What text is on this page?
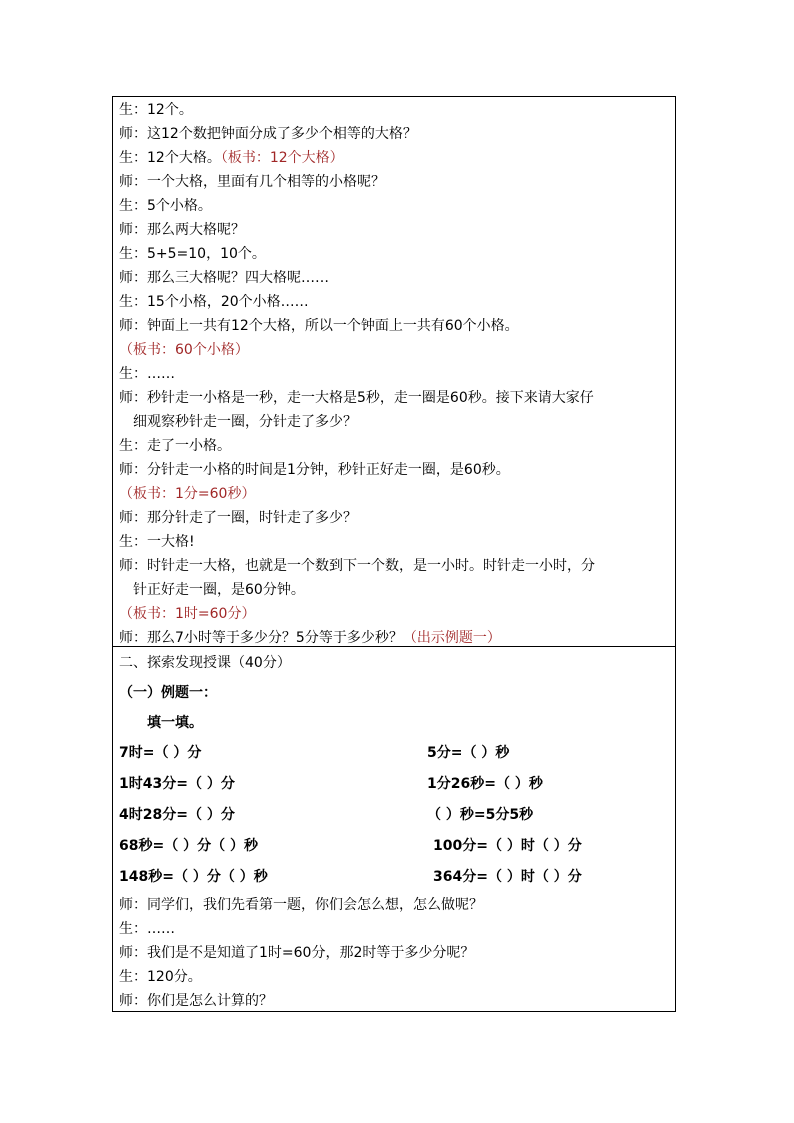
生：12个。
师：这12个数把钟面分成了多少个相等的大格？
生：12个大格。（板书：12个大格）
师：一个大格，里面有几个相等的小格呢？
生：5个小格。
师：那么两大格呢？
生：5+5=10，10个。
师：那么三大格呢？四大格呢……
生：15个小格，20个小格……
师：钟面上一共有12个大格，所以一个钟面上一共有60个小格。
（板书：60个小格）
生：……
师：秒针走一小格是一秒，走一大格是5秒，走一圈是60秒。接下来请大家仔
细观察秒针走一圈，分针走了多少？
生：走了一小格。
师：分针走一小格的时间是1分钟，秒针正好走一圈，是60秒。
（板书：1分=60秒）
师：那分针走了一圈，时针走了多少？
生：一大格!
师：时针走一大格，也就是一个数到下一个数，是一小时。时针走一小时，分
针正好走一圈，是60分钟。
（板书：1时=60分）
师：那么7小时等于多少分？5分等于多少秒？（出示例题一）
二、探索发现授课（40分）
（一）例题一：
填一填。
7时=（ ）分	5分=（ ）秒
1时43分=（ ）分	1分26秒=（ ）秒
4时28分=（ ）分	（ ）秒=5分5秒
68秒=（ ）分（ ）秒	100分=（ ）时（ ）分
148秒=（ ）分（ ）秒	364分=（ ）时（ ）分
师：同学们，我们先看第一题，你们会怎么想，怎么做呢？
生：……
师：我们是不是知道了1时=60分，那2时等于多少分呢？
生：120分。
师：你们是怎么计算的？
